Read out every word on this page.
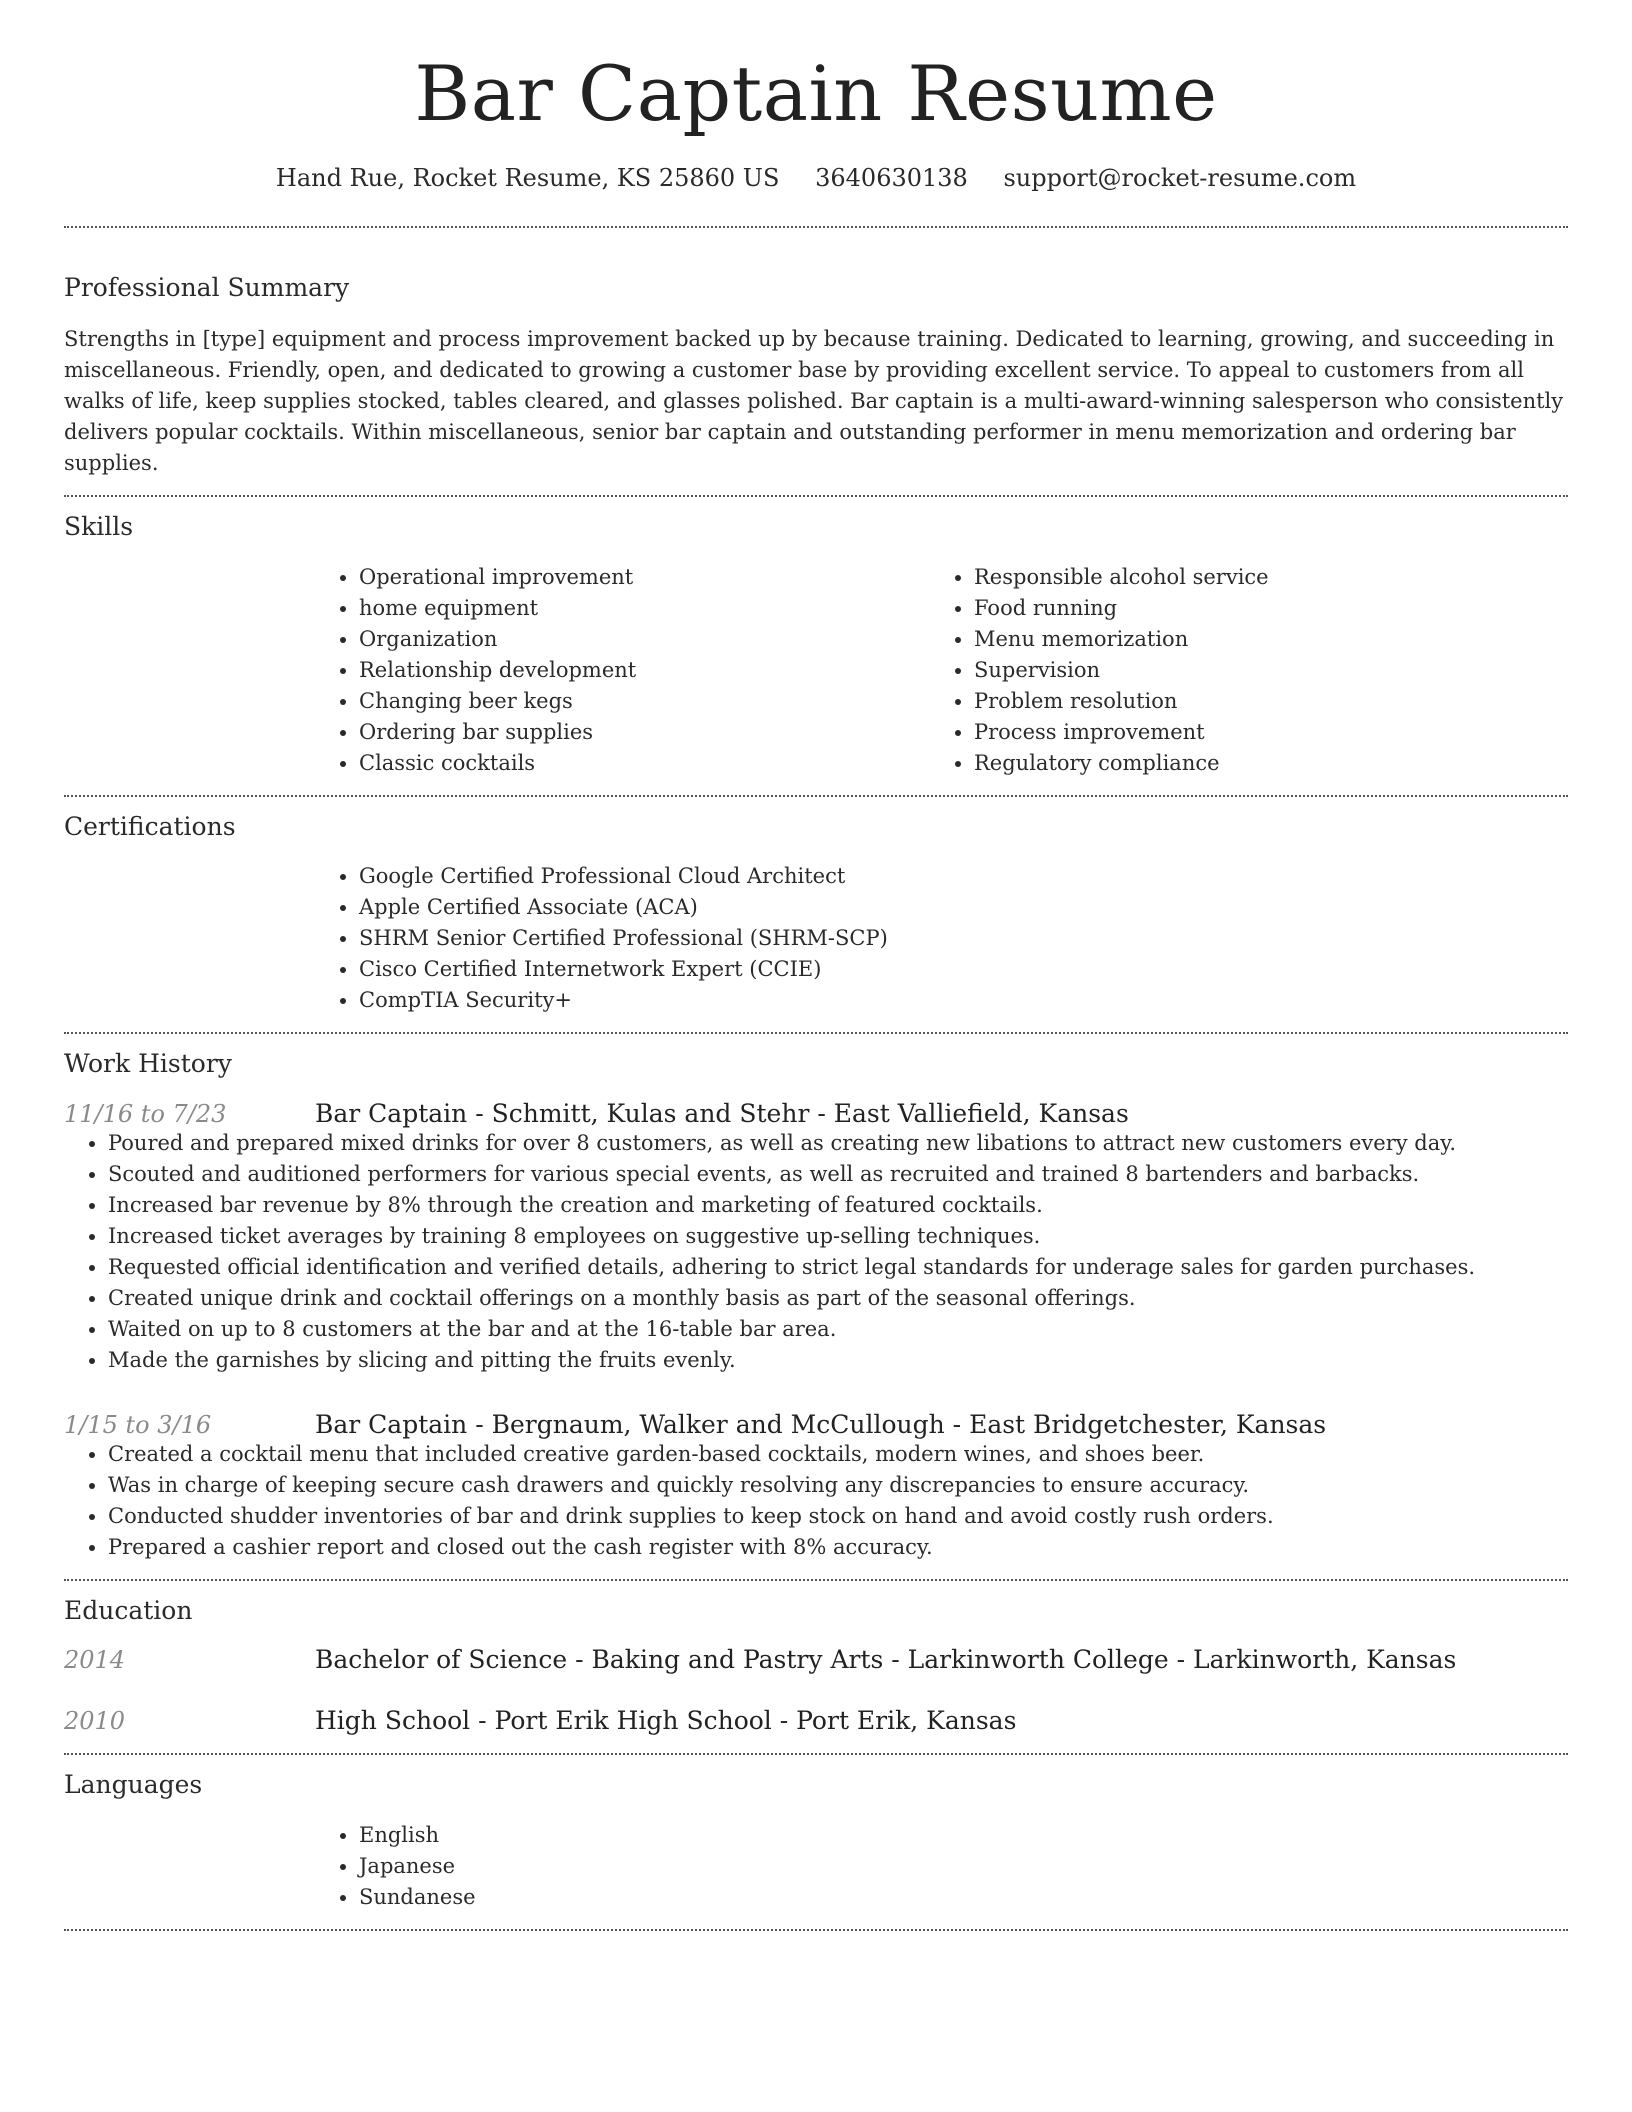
Bar Captain Resume
Hand Rue, Rocket Resume, KS 25860 US 3640630138 support@rocket-resume.com
Professional Summary

Strengths in [type] equipment and process improvement backed up by because training. Dedicated to learning, growing, and succeeding in miscellaneous. Friendly, open, and dedicated to growing a customer base by providing excellent service. To appeal to customers from all walks of life, keep supplies stocked, tables cleared, and glasses polished. Bar captain is a multi-award-winning salesperson who consistently delivers popular cocktails. Within miscellaneous, senior bar captain and outstanding performer in menu memorization and ordering bar supplies.

Skills
• Operational improvement
• home equipment
• Organization
• Relationship development
• Changing beer kegs
• Ordering bar supplies
• Classic cocktails
• Responsible alcohol service
• Food running
• Menu memorization
• Supervision
• Problem resolution
• Process improvement
• Regulatory compliance
Certifications
• Google Certified Professional Cloud Architect
• Apple Certified Associate (ACA)
• SHRM Senior Certified Professional (SHRM-SCP)
• Cisco Certified Internetwork Expert (CCIE)
• CompTIA Security+
Work History
11/16 to 7/23	Bar Captain - Schmitt, Kulas and Stehr - East Valliefield, Kansas
• Poured and prepared mixed drinks for over 8 customers, as well as creating new libations to attract new customers every day.
• Scouted and auditioned performers for various special events, as well as recruited and trained 8 bartenders and barbacks.
• Increased bar revenue by 8% through the creation and marketing of featured cocktails.
• Increased ticket averages by training 8 employees on suggestive up-selling techniques.
• Requested official identification and verified details, adhering to strict legal standards for underage sales for garden purchases.
• Created unique drink and cocktail offerings on a monthly basis as part of the seasonal offerings.
• Waited on up to 8 customers at the bar and at the 16-table bar area.
• Made the garnishes by slicing and pitting the fruits evenly.
1/15 to 3/16	Bar Captain - Bergnaum, Walker and McCullough - East Bridgetchester, Kansas
• Created a cocktail menu that included creative garden-based cocktails, modern wines, and shoes beer.
• Was in charge of keeping secure cash drawers and quickly resolving any discrepancies to ensure accuracy.
• Conducted shudder inventories of bar and drink supplies to keep stock on hand and avoid costly rush orders.
• Prepared a cashier report and closed out the cash register with 8% accuracy.
Education
2014	Bachelor of Science - Baking and Pastry Arts - Larkinworth College - Larkinworth, Kansas
2010	High School - Port Erik High School - Port Erik, Kansas
Languages
• English
• Japanese
• Sundanese
